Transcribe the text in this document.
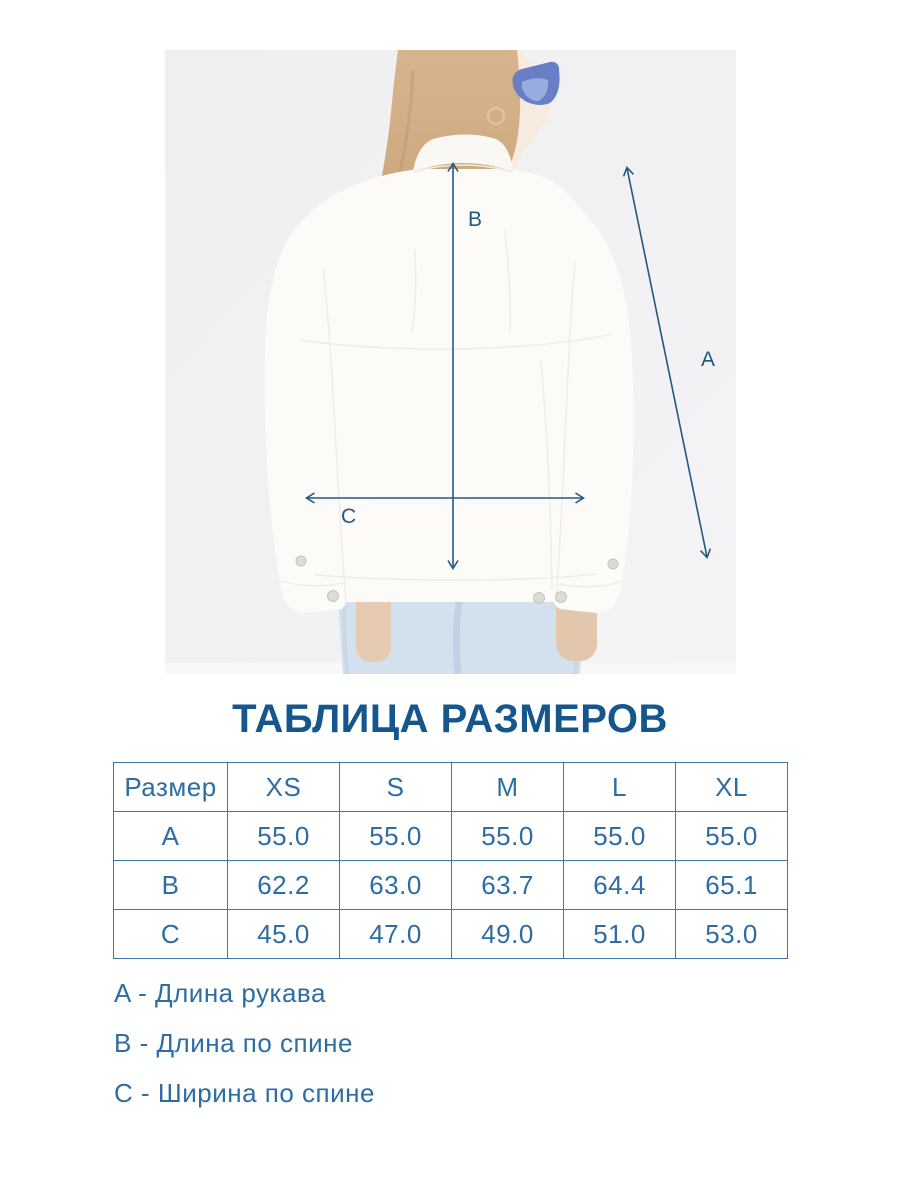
B
C
A
ТАБЛИЦА РАЗМЕРОВ
Размер	XS	S	M	L	XL
A	55.0	55.0	55.0	55.0	55.0
B	62.2	63.0	63.7	64.4	65.1
C	45.0	47.0	49.0	51.0	53.0
A - Длина рукава
B - Длина по спине
C - Ширина по спине
